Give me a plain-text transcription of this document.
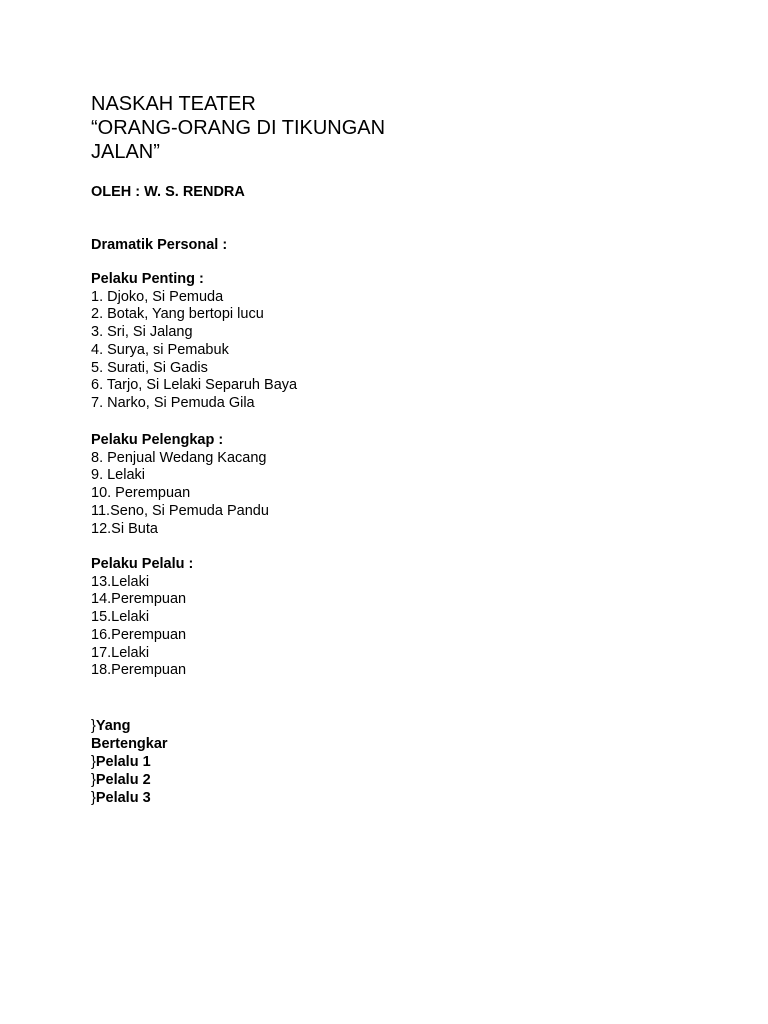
NASKAH TEATER
“ORANG-ORANG DI TIKUNGAN
JALAN”

OLEH : W. S. RENDRA

Dramatik Personal :

Pelaku Penting :
1. Djoko, Si Pemuda
2. Botak, Yang bertopi lucu
3. Sri, Si Jalang
4. Surya, si Pemabuk
5. Surati, Si Gadis
6. Tarjo, Si Lelaki Separuh Baya
7. Narko, Si Pemuda Gila
Pelaku Pelengkap :
8. Penjual Wedang Kacang
9. Lelaki
10. Perempuan
11.Seno, Si Pemuda Pandu
12.Si Buta
Pelaku Pelalu :
13.Lelaki
14.Perempuan
15.Lelaki
16.Perempuan
17.Lelaki
18.Perempuan
}Yang
Bertengkar
}Pelalu 1
}Pelalu 2
}Pelalu 3
